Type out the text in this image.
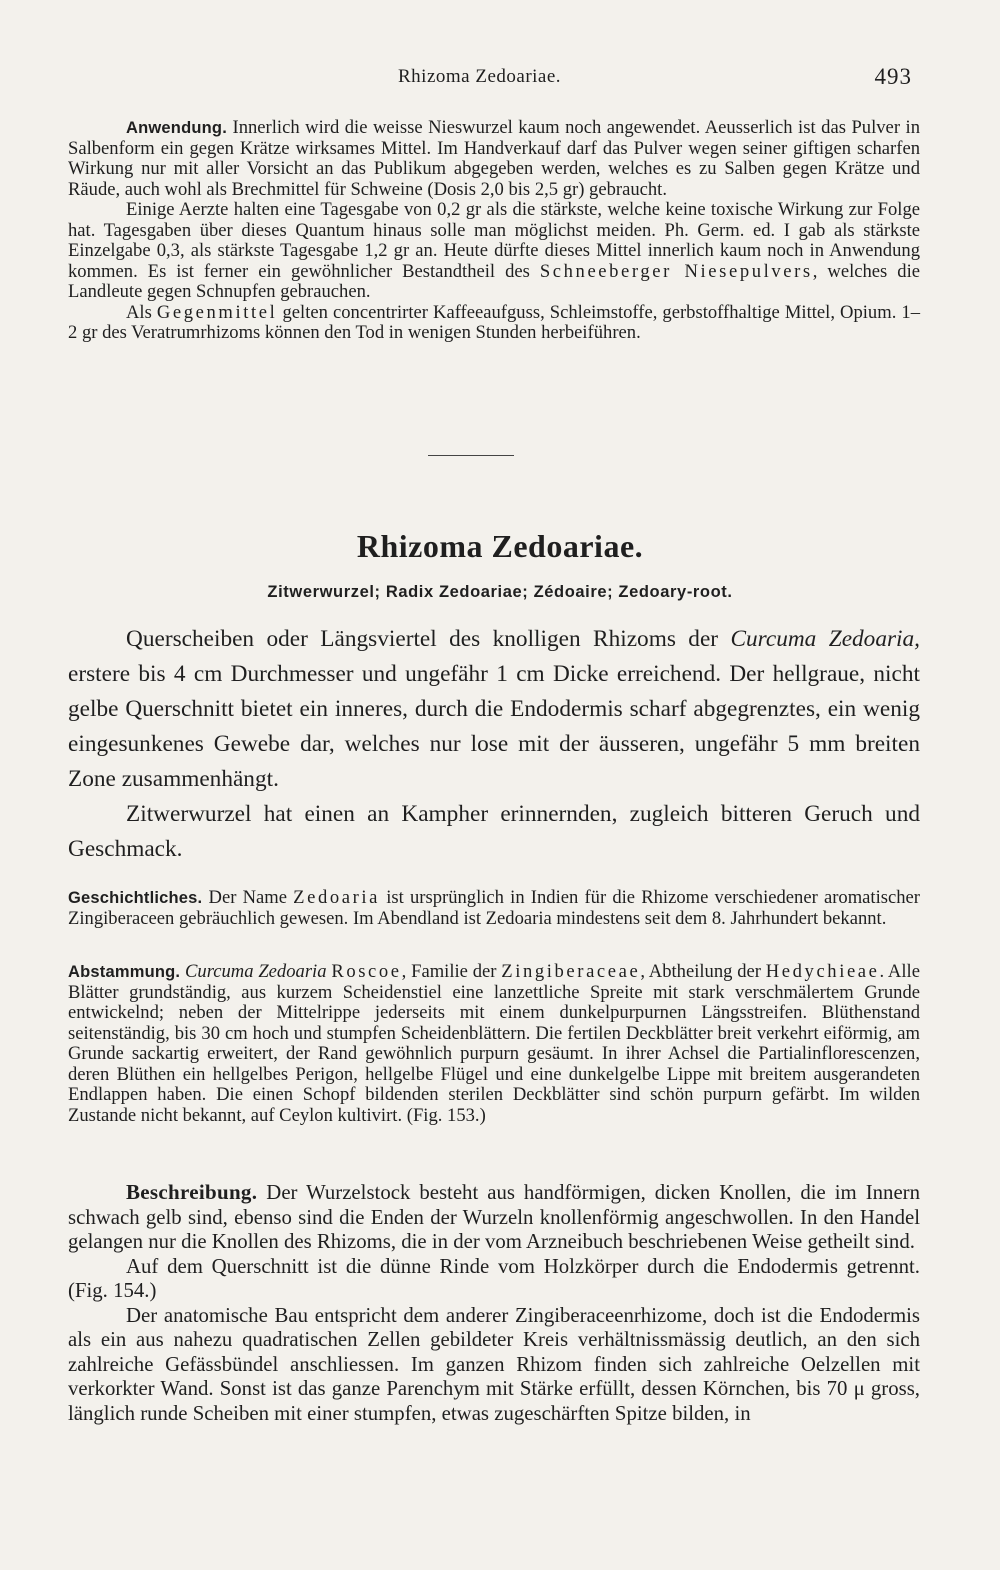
Rhizoma Zedoariae.	493

Anwendung. Innerlich wird die weisse Nieswurzel kaum noch angewendet. Aeusserlich ist das Pulver in Salbenform ein gegen Krätze wirksames Mittel. Im Handverkauf darf das Pulver wegen seiner giftigen scharfen Wirkung nur mit aller Vorsicht an das Publikum abgegeben werden, welches es zu Salben gegen Krätze und Räude, auch wohl als Brechmittel für Schweine (Dosis 2,0 bis 2,5 gr) gebraucht.

Einige Aerzte halten eine Tagesgabe von 0,2 gr als die stärkste, welche keine toxische Wirkung zur Folge hat. Tagesgaben über dieses Quantum hinaus solle man möglichst meiden. Ph. Germ. ed. I gab als stärkste Einzelgabe 0,3, als stärkste Tagesgabe 1,2 gr an. Heute dürfte dieses Mittel innerlich kaum noch in Anwendung kommen. Es ist ferner ein gewöhnlicher Bestandtheil des Schneeberger Niesepulvers, welches die Landleute gegen Schnupfen gebrauchen.

Als Gegenmittel gelten concentrirter Kaffeeaufguss, Schleimstoffe, gerbstoffhaltige Mittel, Opium. 1–2 gr des Veratrumrhizoms können den Tod in wenigen Stunden herbeiführen.

Rhizoma Zedoariae.
Zitwerwurzel; Radix Zedoariae; Zédoaire; Zedoary-root.

Querscheiben oder Längsviertel des knolligen Rhizoms der Curcuma Zedoaria, erstere bis 4 cm Durchmesser und ungefähr 1 cm Dicke erreichend. Der hellgraue, nicht gelbe Querschnitt bietet ein inneres, durch die Endodermis scharf abgegrenztes, ein wenig eingesunkenes Gewebe dar, welches nur lose mit der äusseren, ungefähr 5 mm breiten Zone zusammenhängt.

Zitwerwurzel hat einen an Kampher erinnernden, zugleich bitteren Geruch und Geschmack.

Geschichtliches. Der Name Zedoaria ist ursprünglich in Indien für die Rhizome verschiedener aromatischer Zingiberaceen gebräuchlich gewesen. Im Abendland ist Zedoaria mindestens seit dem 8. Jahrhundert bekannt.

Abstammung. Curcuma Zedoaria Roscoe, Familie der Zingiberaceae, Abtheilung der Hedychieae. Alle Blätter grundständig, aus kurzem Scheidenstiel eine lanzettliche Spreite mit stark verschmälertem Grunde entwickelnd; neben der Mittelrippe jederseits mit einem dunkelpurpurnen Längsstreifen. Blüthenstand seitenständig, bis 30 cm hoch und stumpfen Scheidenblättern. Die fertilen Deckblätter breit verkehrt eiförmig, am Grunde sackartig erweitert, der Rand gewöhnlich purpurn gesäumt. In ihrer Achsel die Partialinflorescenzen, deren Blüthen ein hellgelbes Perigon, hellgelbe Flügel und eine dunkelgelbe Lippe mit breitem ausgerandeten Endlappen haben. Die einen Schopf bildenden sterilen Deckblätter sind schön purpurn gefärbt. Im wilden Zustande nicht bekannt, auf Ceylon kultivirt. (Fig. 153.)

Beschreibung. Der Wurzelstock besteht aus handförmigen, dicken Knollen, die im Innern schwach gelb sind, ebenso sind die Enden der Wurzeln knollenförmig angeschwollen. In den Handel gelangen nur die Knollen des Rhizoms, die in der vom Arzneibuch beschriebenen Weise getheilt sind.

Auf dem Querschnitt ist die dünne Rinde vom Holzkörper durch die Endodermis getrennt. (Fig. 154.)

Der anatomische Bau entspricht dem anderer Zingiberaceenrhizome, doch ist die Endodermis als ein aus nahezu quadratischen Zellen gebildeter Kreis verhältnissmässig deutlich, an den sich zahlreiche Gefässbündel anschliessen. Im ganzen Rhizom finden sich zahlreiche Oelzellen mit verkorkter Wand. Sonst ist das ganze Parenchym mit Stärke erfüllt, dessen Körnchen, bis 70 μ gross, länglich runde Scheiben mit einer stumpfen, etwas zugeschärften Spitze bilden, in
